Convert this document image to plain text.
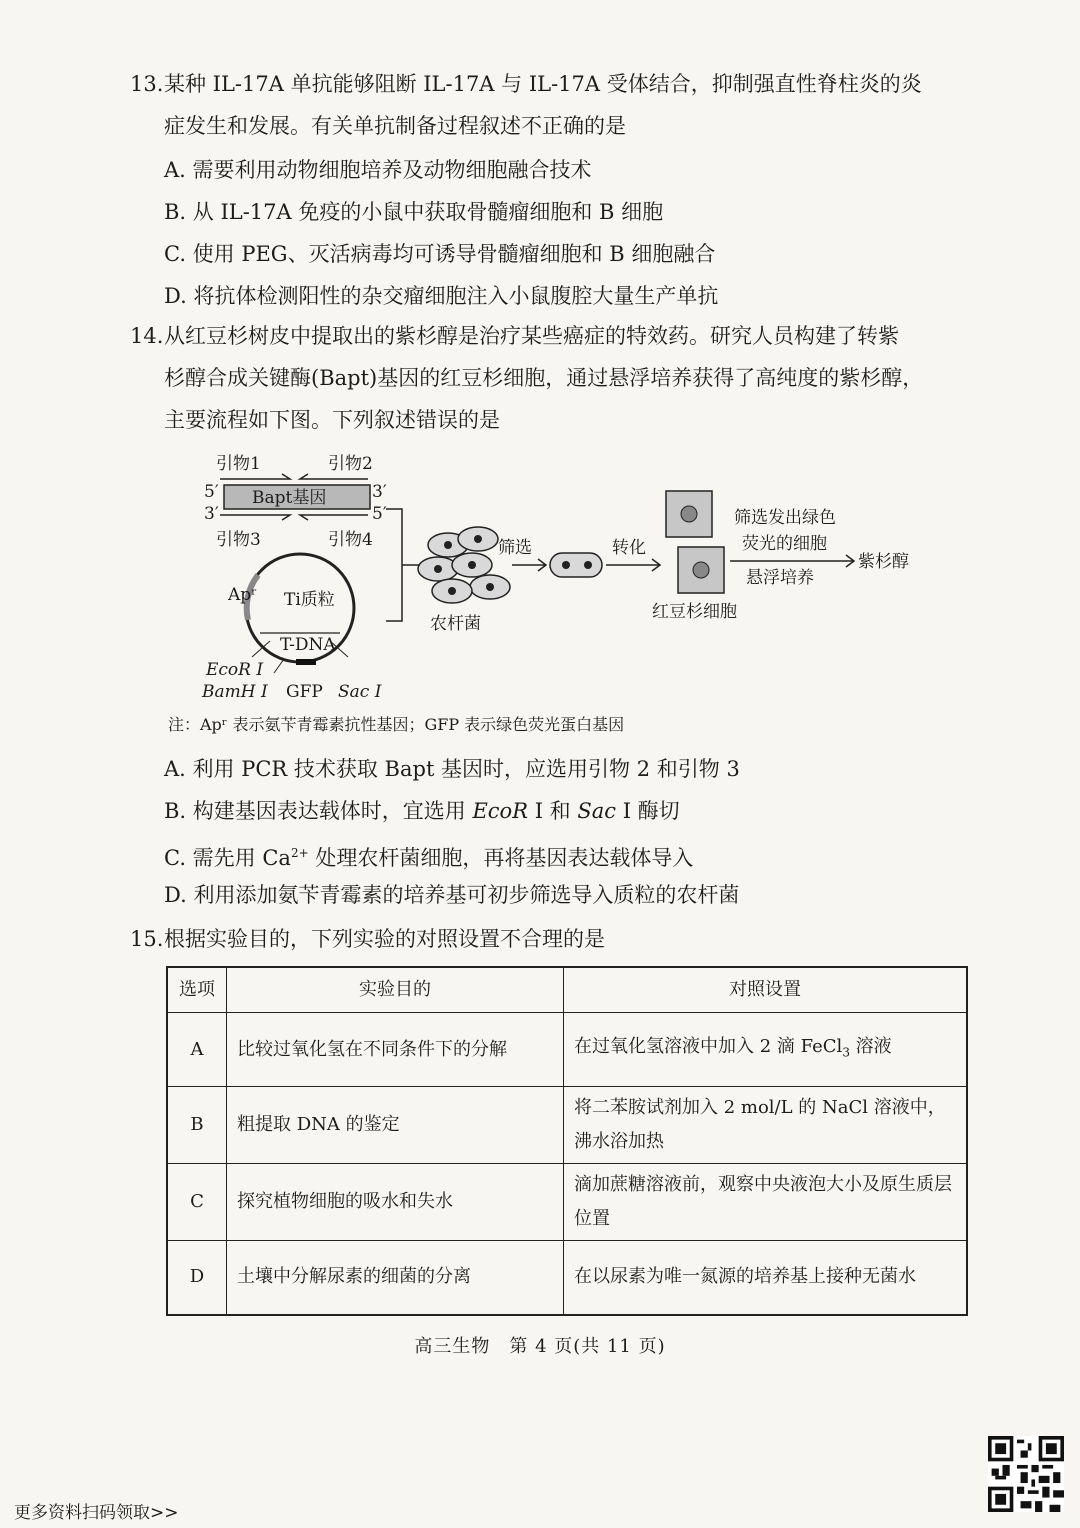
13.某种 IL-17A 单抗能够阻断 IL-17A 与 IL-17A 受体结合，抑制强直性脊柱炎的炎
症发生和发展。有关单抗制备过程叙述不正确的是
A. 需要利用动物细胞培养及动物细胞融合技术
B. 从 IL-17A 免疫的小鼠中获取骨髓瘤细胞和 B 细胞
C. 使用 PEG、灭活病毒均可诱导骨髓瘤细胞和 B 细胞融合
D. 将抗体检测阳性的杂交瘤细胞注入小鼠腹腔大量生产单抗
14.从红豆杉树皮中提取出的紫杉醇是治疗某些癌症的特效药。研究人员构建了转紫
杉醇合成关键酶(Bapt)基因的红豆杉细胞，通过悬浮培养获得了高纯度的紫杉醇，
主要流程如下图。下列叙述错误的是
引物1	引物2
5′	3′
Bapt基因
3′	5′
引物3	引物4
Apʳ Ti质粒
T-DNA
EcoR Ⅰ
BamH Ⅰ GFP Sac Ⅰ
农杆菌
筛选	转化
红豆杉细胞
筛选发出绿色
荧光的细胞
悬浮培养
紫杉醇
注：Apʳ 表示氨苄青霉素抗性基因；GFP 表示绿色荧光蛋白基因
A. 利用 PCR 技术获取 Bapt 基因时，应选用引物 2 和引物 3
B. 构建基因表达载体时，宜选用 EcoR Ⅰ 和 Sac Ⅰ 酶切
C. 需先用 $Ca^{2+}$ 处理农杆菌细胞，再将基因表达载体导入
D. 利用添加氨苄青霉素的培养基可初步筛选导入质粒的农杆菌
15.根据实验目的，下列实验的对照设置不合理的是
选项	实验目的	对照设置
A	比较过氧化氢在不同条件下的分解	在过氧化氢溶液中加入 2 滴 FeCl$_3$ 溶液
B	粗提取 DNA 的鉴定	将二苯胺试剂加入 2 mol/L 的 NaCl 溶液中，沸水浴加热
C	探究植物细胞的吸水和失水	滴加蔗糖溶液前，观察中央液泡大小及原生质层位置
D	土壤中分解尿素的细菌的分离	在以尿素为唯一氮源的培养基上接种无菌水
高三生物　第 4 页(共 11 页)
更多资料扫码领取>>
